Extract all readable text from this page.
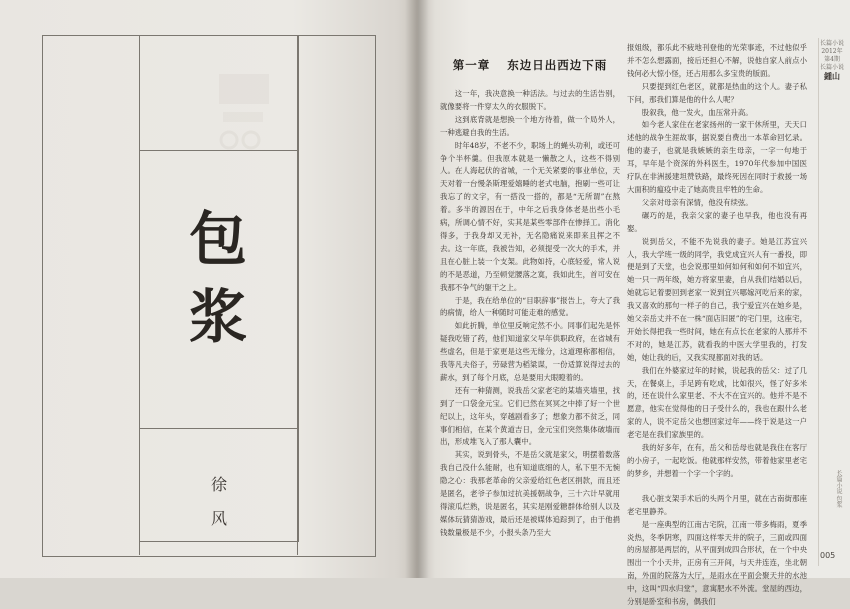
包
浆
徐
风
长篇小说
2012年第4期
长篇小说
鍾山
长篇小说 包浆
005
第一章 东边日出西边下雨

这一年，我决意换一种活法。与过去的生活告别，就像要将一件穿太久的衣服脱下。

这到底背就是想换一个地方待着，做一个局外人，一种逃避自我的生活。

时年48岁，不老不少，职场上的蝇头功利，或还可争个半杯羹。但我原本就是一懒散之人，这些不得别人。在人海起伏的省城，一个无关紧要的事业单位，天天对着一台慢条斯理爱嬉睡的老式电脑，抱刷一些可让我忘了的文字，有一搭没一搭的，都是“无所谓”在熬着。多半的源因在于，中年之后我身体老是出些小毛病，所调心情不好，实其是某些零部件在惨择工。消化得多，于我身却又无补，无名隐痛说来即来且挥之不去。这一年底，我被告知，必须提受一次大的手术，并且在心脏上装一个支架。此物如持，心底轻爱，常人说的不是恶道，乃至顿觉腰落之寞，我如此生，首可安在我那不争气的躯干之上。

于是，我在给单位的“目职辞事”报告上，夸大了我的病情，给人一种随时可能走难的感觉。

如此折腾，单位里反响定然不小。同事们起先是怀疑我吃错了药，他们知道家父早年供职政府，在省城有些虚名，但是于家更是这些无缘分，这道理称都相信，我等凡夫俗子，劳碌营为稻粱谋，一份适算说得过去的薪水，到了每个月底，总是要用大眼瞪着的。

还有一种猜测，说我岳父家老宅的某墙夹墙里，找到了一口袋金元宝。它们已然在冥冥之中捧了好一个世纪以上，这年头，穿越剧看多了；想象力都不贫乏，同事们相信，在某个黄道吉日，金元宝们突然集体破墙而出，形成堆飞入了那人囊中。

其实，说到骨头，不是岳父就是家父，明摆着数落我自己没什么能耐，也有知道底细的人，私下里不无惋隐之心：我那老革命的父亲爱给红色老区捐款，而且还是匿名，老爷子参加过抗美援朝战争，三十六计早就用得滚瓜烂熟，说是匿名，其实是刚爱糖群体给别人以及媒体玩猜猜游戏，最后还是被媒体追踪到了，由于他捐钱数量极是不少，小报头条乃至大

报姐级，都乐此不疲地刊登他的光荣事迹，不过他似乎并不怎么想露面，接后还担心不解，说他自家人前点小钱何必大惊小怪，还占用那么多宝贵的版面。

只要提到红色老区，就都是热血的这个人。妻子私下问，那我们算是他的什么人呢？

股叙我，他一发火，血压常升高。

如今老人家住在老家扬州的一家干休所里，天天口述他的战争生涯故事，据说要自费出一本革命回忆录。他的妻子，也就是我嫉嫉的亲生母亲，一字一句地于耳，早年是个资深的外科医生，1970年代参加中国医疗队在非洲援建坦赞铁路，最终死因在同时于救援一场大面积的瘟疫中走了她高贵且牢牲的生命。

父亲对母亲有深情，他没有续弦。

碾巧的是，我亲父家的妻子也早我，他也没有再娶。

说到岳父，不能不先说我的妻子。她是江苏宜兴人，我大学班一级的同学，我党成宜兴人有一番投，即便是到了天堂，也会说那里如何如何和如何不如宜兴，她一只一两年级，她方将家里妻，自从我们结婚以后，她就忘记着要回到老家一说到宜兴哪嫁河吃后来的家，我又喜欢的那句一样子的自己，我宁爱宜兴在她乡是，她父亲岳丈并不在一株“面店旧匿”的宅门里，这座宅，开始长得把我一些时间，她在有点长在老家的人那并不不对的，她是江苏，就看我的中医大学里我的，打发她，她让我的后，又我实现都面对我的话。

我们在外婆家过年的时候，说起我的岳父：过了几天，在餐桌上，手足跨有吃成，比如很兴，怪了好多米的，还在说什么家里老、不大不在宜兴的。他并不是不愿意，他实在觉得他的日子受什么的，我也在跟什么老家的人，说不定岳父也想回家过年——终于说是这一户老宅是在我们家族里的。

我的好多年，在有，岳父和岳母也就是我住在客厅的小房子，一起吃饭。他就那样安然，带着他家里老宅的梦乡，并想着一个字一个字的。

我心脏支架手术后的头两个月里，就在古南街那座老宅里静养。

是一座典型的江南古宅院，江南一带多梅雨，夏季炎热，冬季阴寒，四面这样零天井的院子，三面或四面的房屋都是两层的，从平面到成四合形状，在一个中央围出一个小天井，正房有三开间，与天井连连，坐北朝南，外面的院落为大厅，是雨水在平面会聚天井的水池中，这叫“四水归堂”，意寓肥水不外流。堂屋的西边，分别是卧室和书房，偶我们
